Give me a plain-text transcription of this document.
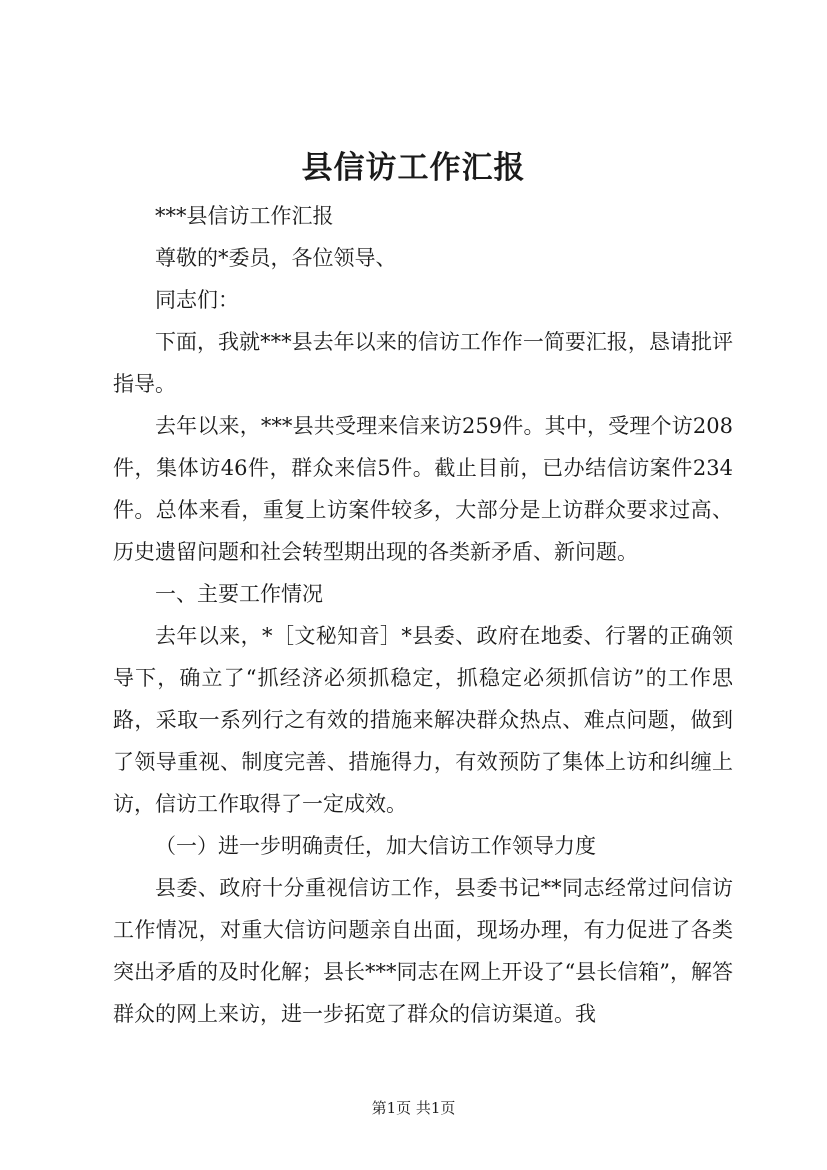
县信访工作汇报

***县信访工作汇报

尊敬的*委员，各位领导、

同志们：

下面，我就***县去年以来的信访工作作一简要汇报，恳请批评指导。

去年以来，***县共受理来信来访259件。其中，受理个访208件，集体访46件，群众来信5件。截止目前，已办结信访案件234件。总体来看，重复上访案件较多，大部分是上访群众要求过高、历史遗留问题和社会转型期出现的各类新矛盾、新问题。

一、主要工作情况

去年以来，*［文秘知音］*县委、政府在地委、行署的正确领导下，确立了“抓经济必须抓稳定，抓稳定必须抓信访”的工作思路，采取一系列行之有效的措施来解决群众热点、难点问题，做到了领导重视、制度完善、措施得力，有效预防了集体上访和纠缠上访，信访工作取得了一定成效。

（一）进一步明确责任，加大信访工作领导力度

县委、政府十分重视信访工作，县委书记**同志经常过问信访工作情况，对重大信访问题亲自出面，现场办理，有力促进了各类突出矛盾的及时化解；县长***同志在网上开设了“县长信箱”，解答群众的网上来访，进一步拓宽了群众的信访渠道。我

第1页 共1页
